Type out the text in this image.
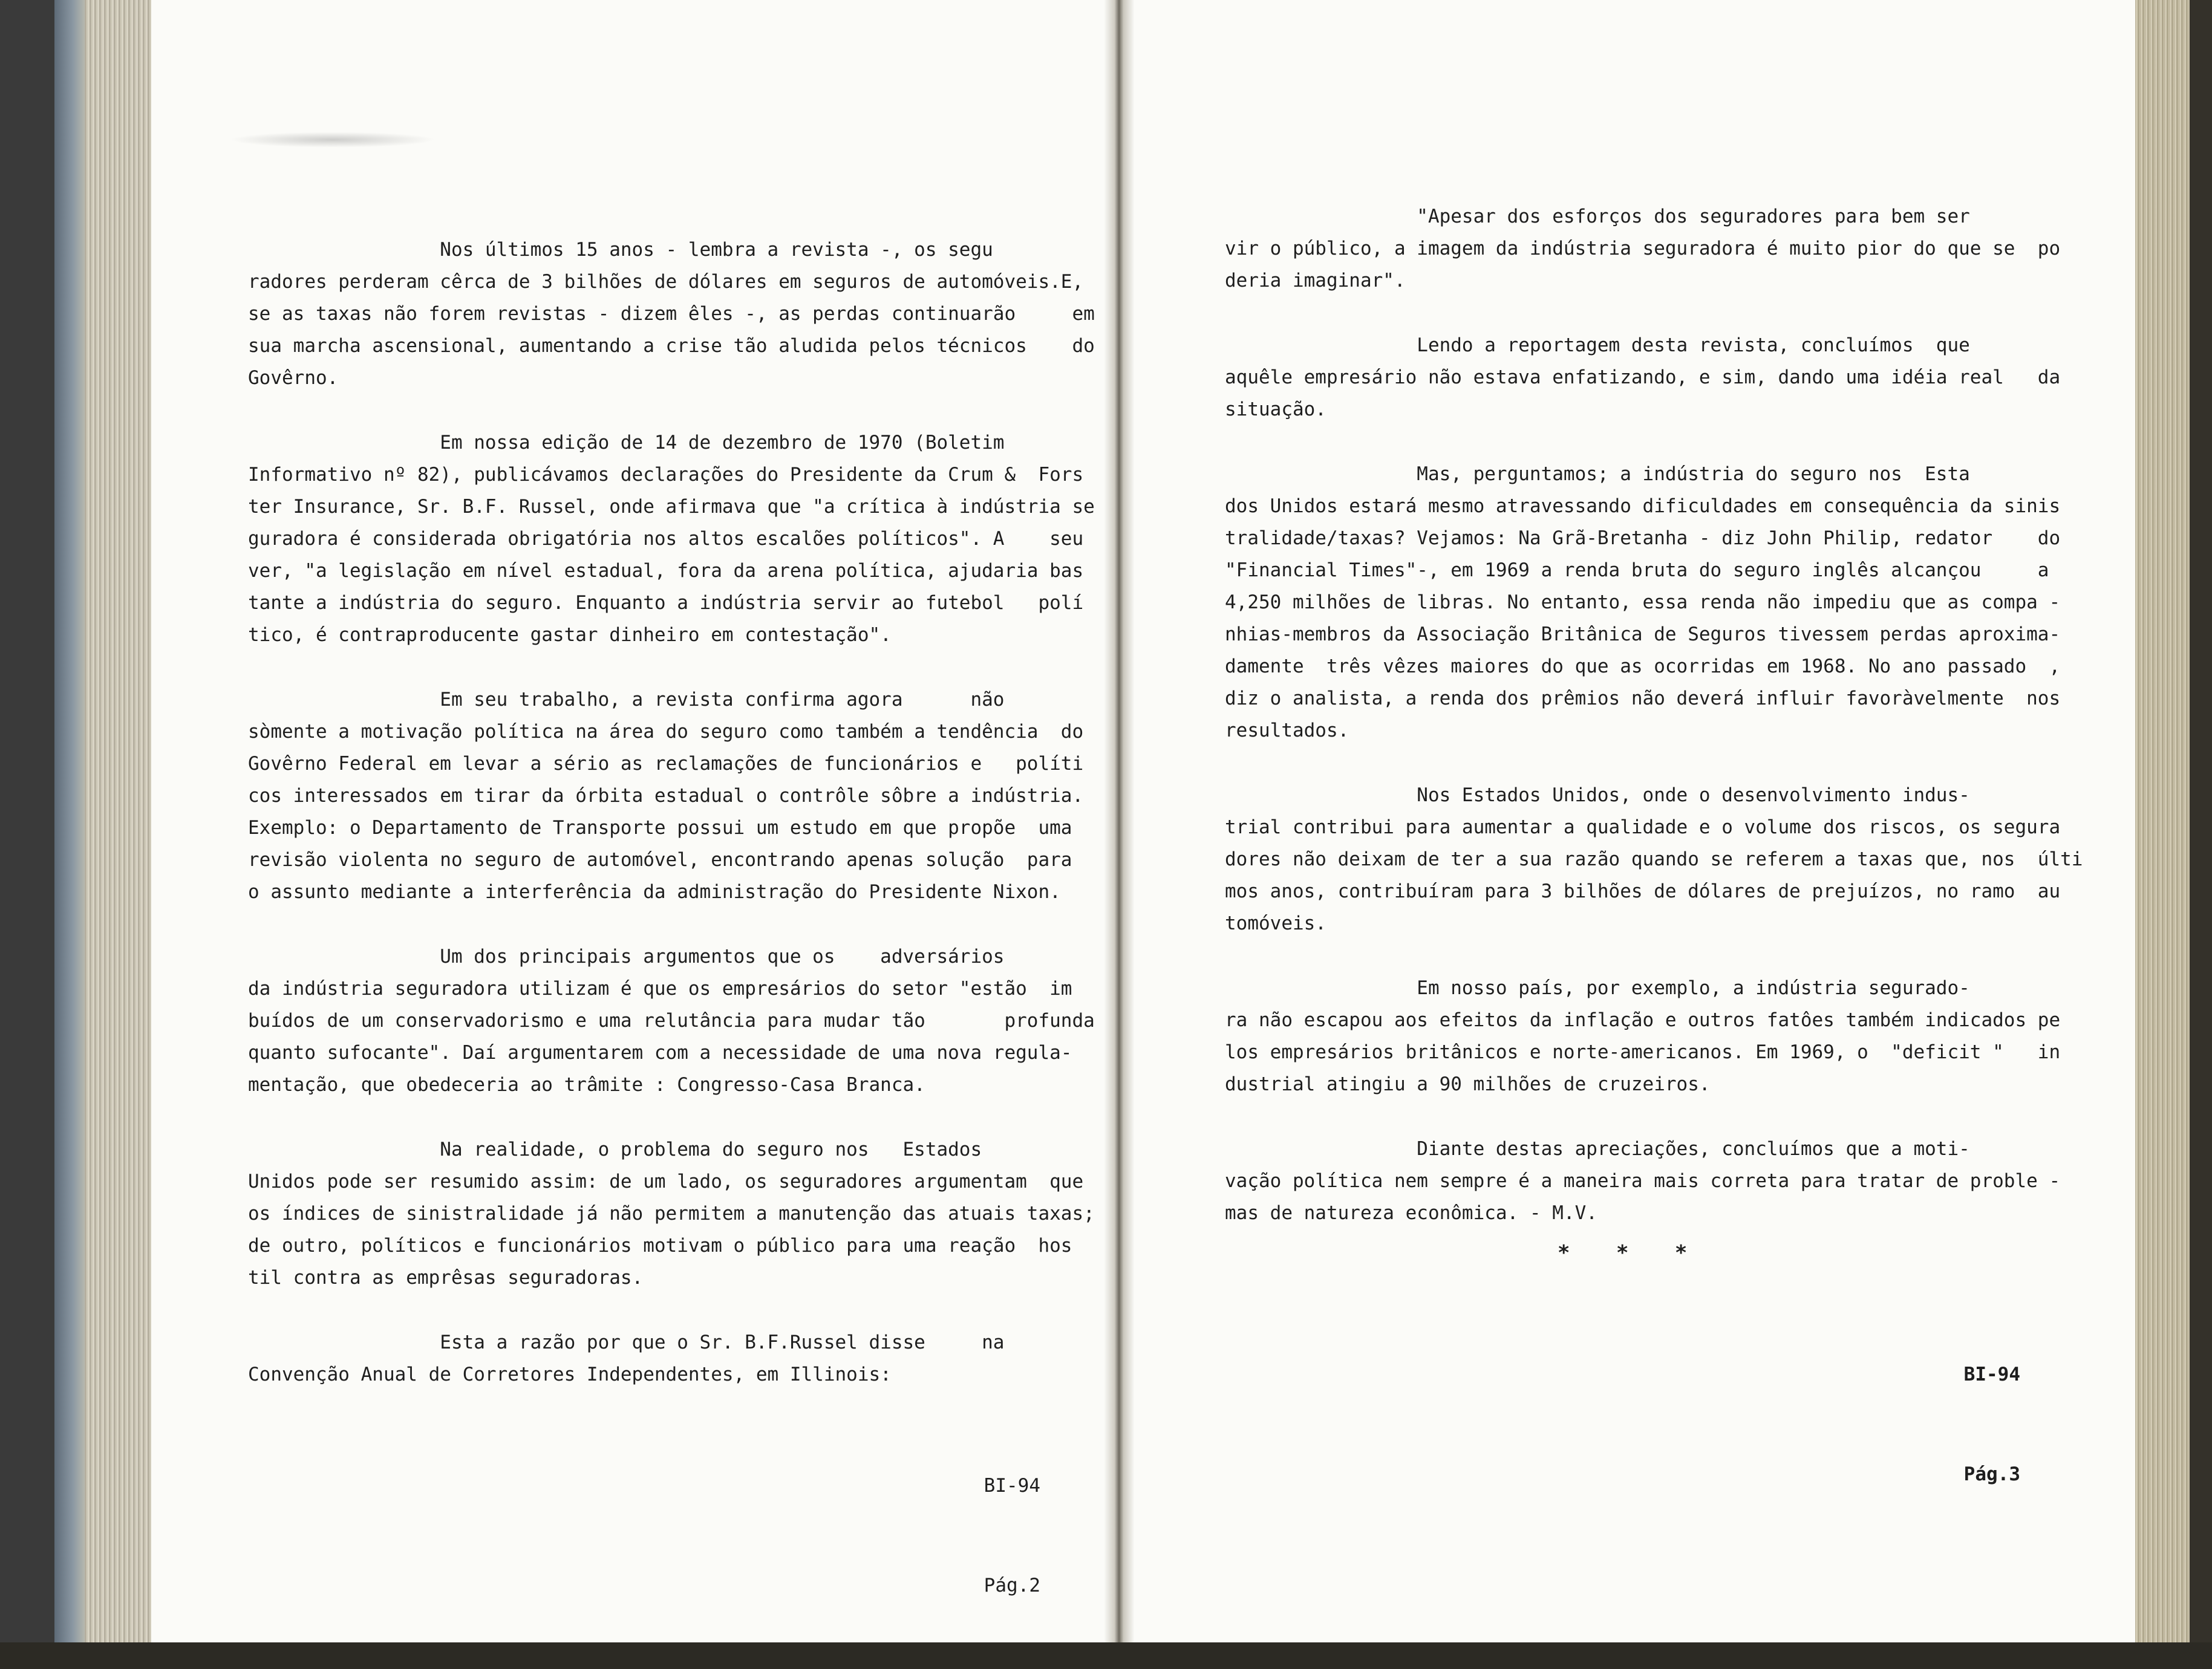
Nos últimos 15 anos - lembra a revista -, os segu
radores perderam cêrca de 3 bilhões de dólares em seguros de automóveis.E,
se as taxas não forem revistas - dizem êles -, as perdas continuarão
sua marcha ascensional, aumentando a crise tão aludida pelos técnicos
Govêrno.

Em nossa edição de 14 de dezembro de 1970 (Boletim
Informativo nº 82), publicávamos declarações do Presidente da Crum &
ter Insurance, Sr. B.F. Russel, onde afirmava que "a crítica à indústria
guradora é considerada obrigatória nos altos escalões políticos". A
ver, "a legislação em nível estadual, fora da arena política, ajudaria
tante a indústria do seguro. Enquanto a indústria servir ao futebol
tico, é contraproducente gastar dinheiro em contestação".

Em seu trabalho, a revista confirma agora      não
sòmente a motivação política na área do seguro como também a tendência
Govêrno Federal em levar a sério as reclamações de funcionários e
cos interessados em tirar da órbita estadual o contrôle sôbre a indústria.
Exemplo: o Departamento de Transporte possui um estudo em que propõe
revisão violenta no seguro de automóvel, encontrando apenas solução
o assunto mediante a interferência da administração do Presidente Nixon.

Um dos principais argumentos que os    adversários
da indústria seguradora utilizam é que os empresários do setor "estão
buídos de um conservadorismo e uma relutância para mudar tão
quanto sufocante". Daí argumentarem com a necessidade de uma nova regula-
mentação, que obedeceria ao trâmite : Congresso-Casa Branca.

Na realidade, o problema do seguro nos   Estados
Unidos pode ser resumido assim: de um lado, os seguradores argumentam
os índices de sinistralidade já não permitem a manutenção das atuais
de outro, políticos e funcionários motivam o público para uma reação
til contra as emprêsas seguradoras.

Esta a razão por que o Sr. B.F.Russel disse     na
Convenção Anual de Corretores Independentes, em Illinois:

BI-94

Pág.2

"Apesar dos esforços dos seguradores para bem ser
vir o público, a imagem da indústria seguradora é muito pior do que se
deria imaginar".

Lendo a reportagem desta revista, concluímos  que
aquêle empresário não estava enfatizando, e sim, dando uma idéia real
situação.

Mas, perguntamos; a indústria do seguro nos  Esta
dos Unidos estará mesmo atravessando dificuldades em consequência da
tralidade/taxas? Vejamos: Na Grã-Bretanha - diz John Philip, redator
"Financial Times"-, em 1969 a renda bruta do seguro inglês alcançou
4,250 milhões de libras. No entanto, essa renda não impediu que as compa
nhias-membros da Associação Britânica de Seguros tivessem perdas aproxima-
damente  três vêzes maiores do que as ocorridas em 1968. No ano passado
diz o analista, a renda dos prêmios não deverá influir favoràvelmente
resultados.

Nos Estados Unidos, onde o desenvolvimento indus-
trial contribui para aumentar a qualidade e o volume dos riscos, os
dores não deixam de ter a sua razão quando se referem a taxas que, nos
mos anos, contribuíram para 3 bilhões de dólares de prejuízos, no ramo
tomóveis.

Em nosso país, por exemplo, a indústria segurado-
ra não escapou aos efeitos da inflação e outros fatôes também indicados
los empresários britânicos e norte-americanos. Em 1969, o  "deficit "
dustrial atingiu a 90 milhões de cruzeiros.

Diante destas apreciações, concluímos que a moti-
vação política nem sempre é a maneira mais correta para tratar de proble
mas de natureza econômica. - M.V.

* * *

BI-94

Pág.3
